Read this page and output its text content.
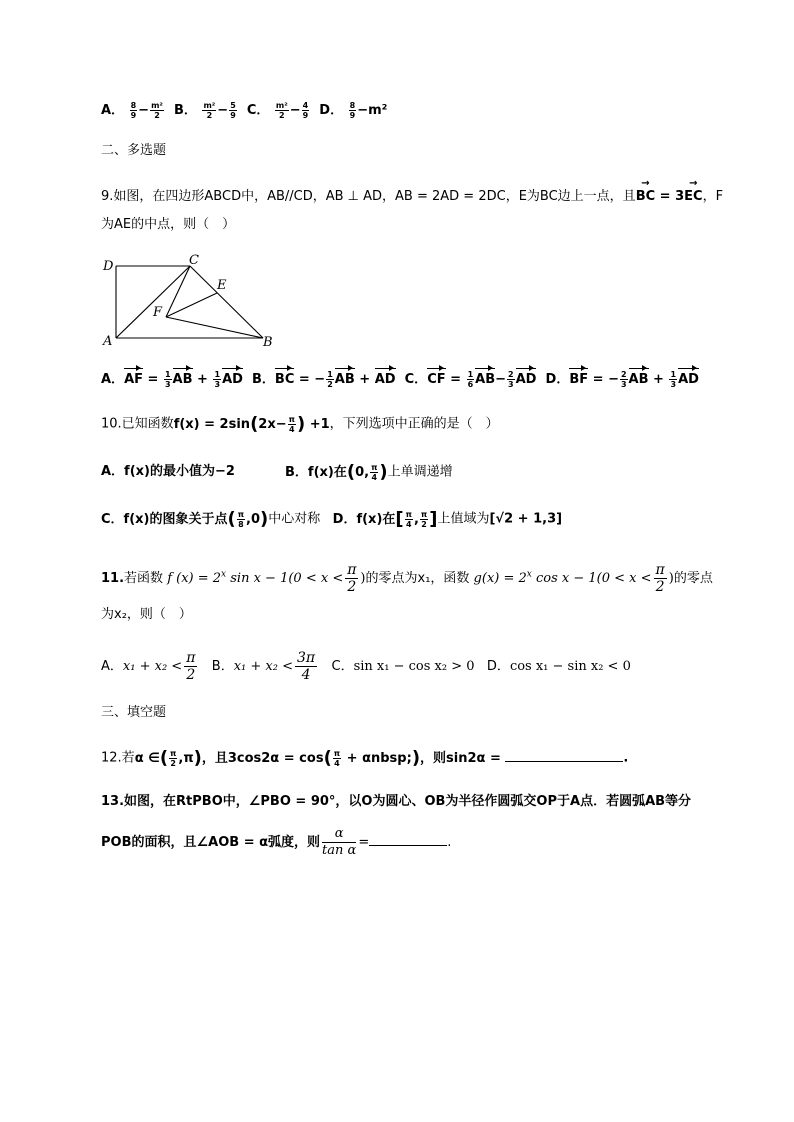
A． $\frac{8}{9} - \frac{\text{m²}}{2}$ B． $\frac{\text{m²}}{2} - \frac{5}{9}$ C． $\frac{\text{m²}}{2} - \frac{4}{9}$ D． $\frac{8}{9} -m^2$
二、多选题
9.如图，在四边形ABCD中，AB//CD，AB ⊥ AD，AB = 2AD = 2DC，E为BC边上一点，且→ BC = 3→ EC，F
为AE的中点，则（　）
D	C
E
F
A	B
A．AF = $\frac{1}{3}$ AB + $\frac{1}{3}$ AD B．BC = − $\frac{1}{2}$ AB + AD C．CF = $\frac{1}{6} AB- \frac{2}{3}$ AD D．BF = − $\frac{2}{3}$ AB + $\frac{1}{3}$ AD
10.已知函数$f(x) = 2\sin(2x- \frac{\pi}{4}$ ) +1，下列选项中正确的是（　）
A．f(x)的最小值为−2	B．f(x)在(0, $\frac{\pi}{4}$ )上单调递增
C．f(x)的图象关于点( $\frac{\pi}{8} ,0$)中心对称 D．f(x)在[ $\frac{\pi}{4}$ , $\frac{\pi}{2}$ ]上值域为[√2 + 1,3]
11.若函数 f $(x) = 2^x$ $\sin x - 1(0 < x < \frac{\pi}{2}$ )的零点为x₁，函数 $g(x) = 2^x$ $\cos x - 1(0 < x < \frac{\pi}{2}$ )的零点
为x₂，则（　）
A．$x_1 + x_2 < \frac{\pi}{2}$ B．$x_1 + x_2 < \frac{3\pi}{4}$ C．sin x₁ − cos x₂ > 0 D．cos x₁ − sin x₂ < 0
三、填空题
12.若α ∈( $\frac{\pi}{2} ,\pi$)，且$3\cos 2\alpha = \cos( \frac{\pi}{4}$ + αnbsp;)，则sin2α =	.
13.如图，在RtPBO中，∠PBO = 90°，以O为圆心、OB为半径作圆弧交OP于A点．若圆弧AB等分
POB的面积，且∠AOB = α弧度，则 $\frac{\alpha}{\text{tan α}}$ =	.
